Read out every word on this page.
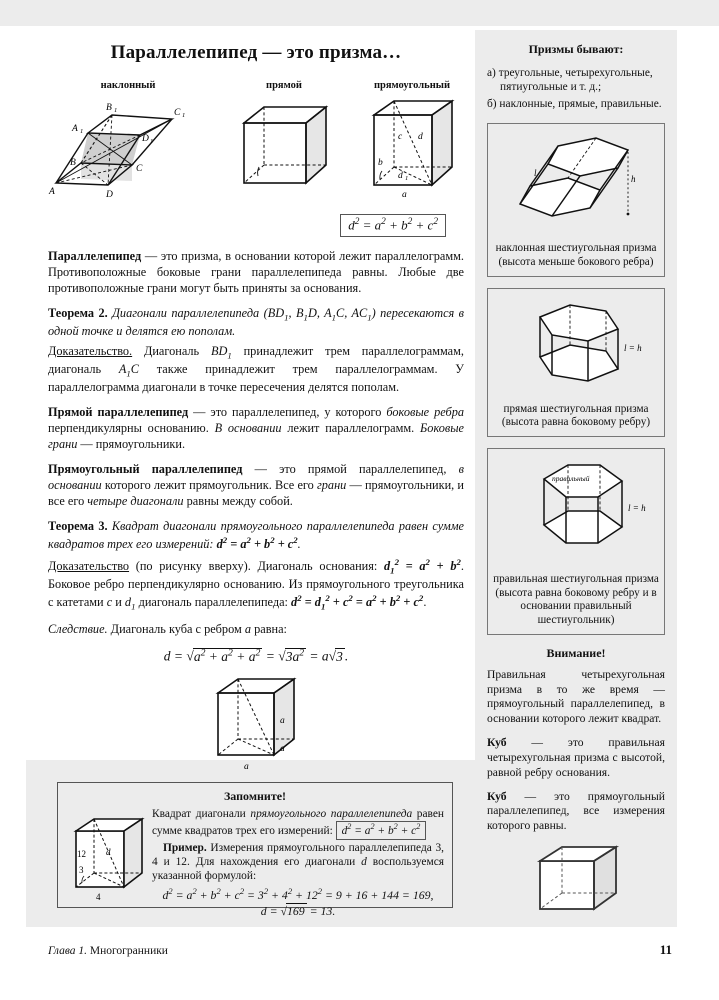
Параллелепипед — это призма…
наклонный
B 1	C 1
A 1
D 1
B
C
A	D
прямой	прямоугольный
c d
b
d 1
a
$d^2 = a^2 + b^2 + c^2$

Параллелепипед — это призма, в основании которой лежит параллелограмм. Противоположные боковые грани параллелепипеда равны. Любые две противоположные грани могут быть приняты за основания.

Теорема 2. Диагонали параллелепипеда ($BD_1$, $B_1D$, $A_1C$, $AC_1$) пересекаются в одной точке и делятся ею пополам.

Доказательство. Диагональ $BD_1$ принадлежит трем параллелограммам, диагональ $A_1C$ также принадлежит трем параллелограммам. У параллелограмма диагонали в точке пересечения делятся пополам.

Прямой параллелепипед — это параллелепипед, у которого боковые ребра перпендикулярны основанию. В основании лежит параллелограмм. Боковые грани — прямоугольники.

Прямоугольный параллелепипед — это прямой параллелепипед, в основании которого лежит прямоугольник. Все его грани — прямоугольники, и все его четыре диагонали равны между собой.

Теорема 3. Квадрат диагонали прямоугольного параллелепипеда равен сумме квадратов трех его измерений: $d^2 = a^2 + b^2 + c^2$.

Доказательство (по рисунку вверху). Диагональ основания: $d_1^2 = a^2 + b^2$. Боковое ребро перпендикулярно основанию. Из прямоугольного треугольника с катетами c и $d_1$ диагональ параллелепипеда: $d^2 = d_1^2 + c^2 = a^2 + b^2 + c^2$.

Следствие. Диагональ куба с ребром a равна:

$d = √a^2 + a^2 + a^2 = √3a^2 = a√3$ .
a
a
a
Запомните!
12 d
3
4

Квадрат диагонали прямоугольного параллелепипеда равен сумме квадратов трех его измерений: $d^2 = a^2 + b^2 + c^2$

Пример. Измерения прямоугольного параллелепипеда 3, 4 и 12. Для нахождения его диагонали d воспользуемся указанной формулой:

$d^2 = a^2 + b^2 + c^2 = 3^2 + 4^2 + 12^2 = 9 + 16 + 144 = 169$,
d = √169 = 13.
Призмы бывают:
а) треугольные, четырехугольные, пятиугольные и т. д.;
б) наклонные, прямые, правильные.
l
h
наклонная шестиугольная призма (высота меньше бокового ребра)
l = h
прямая шестиугольная призма (высота равна боковому ребру)
правильный
l = h
правильная шестиугольная призма (высота равна боковому ребру и в основании правильный шестиугольник)
Внимание!

Правильная четырехугольная призма в то же время — прямоугольный параллелепипед, в основании которого лежит квадрат.

Куб — это правильная четырехугольная призма с высотой, равной ребру основания.

Куб — это прямоугольный параллелепипед, все измерения которого равны.

Глава 1. Многогранники	11
